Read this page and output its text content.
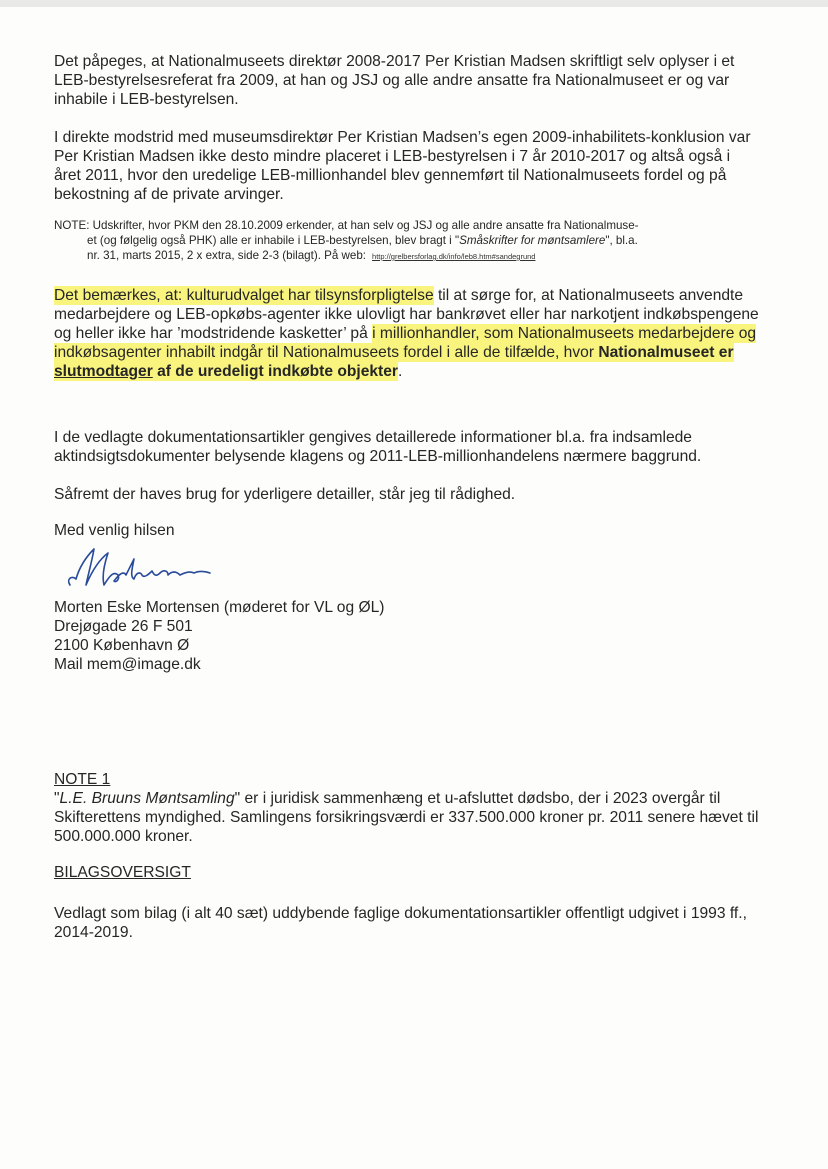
Det påpeges, at Nationalmuseets direktør 2008-2017 Per Kristian Madsen skriftligt selv oplyser i et LEB-bestyrelsesreferat fra 2009, at han og JSJ og alle andre ansatte fra Nationalmuseet er og var inhabile i LEB-bestyrelsen.
I direkte modstrid med museumsdirektør Per Kristian Madsen’s egen 2009-inhabilitets-konklusion var Per Kristian Madsen ikke desto mindre placeret i LEB-bestyrelsen i 7 år 2010-2017 og altså også i året 2011, hvor den uredelige LEB-millionhandel blev gennemført til Nationalmuseets fordel og på bekostning af de private arvinger.
NOTE: Udskrifter, hvor PKM den 28.10.2009 erkender, at han selv og JSJ og alle andre ansatte fra Nationalmuse-
et (og følgelig også PHK) alle er inhabile i LEB-bestyrelsen, blev bragt i "Småskrifter for møntsamlere", bl.a.
nr. 31, marts 2015, 2 x extra, side 2-3 (bilagt). På web: http://grelbersforlag.dk/info/leb8.htm#sandegrund
Det bemærkes, at: kulturudvalget har tilsynsforpligtelse til at sørge for, at Nationalmuseets anvendte medarbejdere og LEB-opkøbs-agenter ikke ulovligt har bankrøvet eller har narkotjent indkøbspengene og heller ikke har ’modstridende kasketter’ på i millionhandler, som Nationalmuseets medarbejdere og indkøbsagenter inhabilt indgår til Nationalmuseets fordel i alle de tilfælde, hvor Nationalmuseet er slutmodtager af de uredeligt indkøbte objekter.
I de vedlagte dokumentationsartikler gengives detaillerede informationer bl.a. fra indsamlede aktindsigtsdokumenter belysende klagens og 2011-LEB-millionhandelens nærmere baggrund.
Såfremt der haves brug for yderligere detailler, står jeg til rådighed.
Med venlig hilsen
Morten Eske Mortensen (møderet for VL og ØL)
Drejøgade 26 F 501
2100 København Ø
Mail mem@image.dk
NOTE 1
"L.E. Bruuns Møntsamling" er i juridisk sammenhæng et u-afsluttet dødsbo, der i 2023 overgår til Skifterettens myndighed. Samlingens forsikringsværdi er 337.500.000 kroner pr. 2011 senere hævet til 500.000.000 kroner.
BILAGSOVERSIGT
Vedlagt som bilag (i alt 40 sæt) uddybende faglige dokumentationsartikler offentligt udgivet i 1993 ff., 2014-2019.
